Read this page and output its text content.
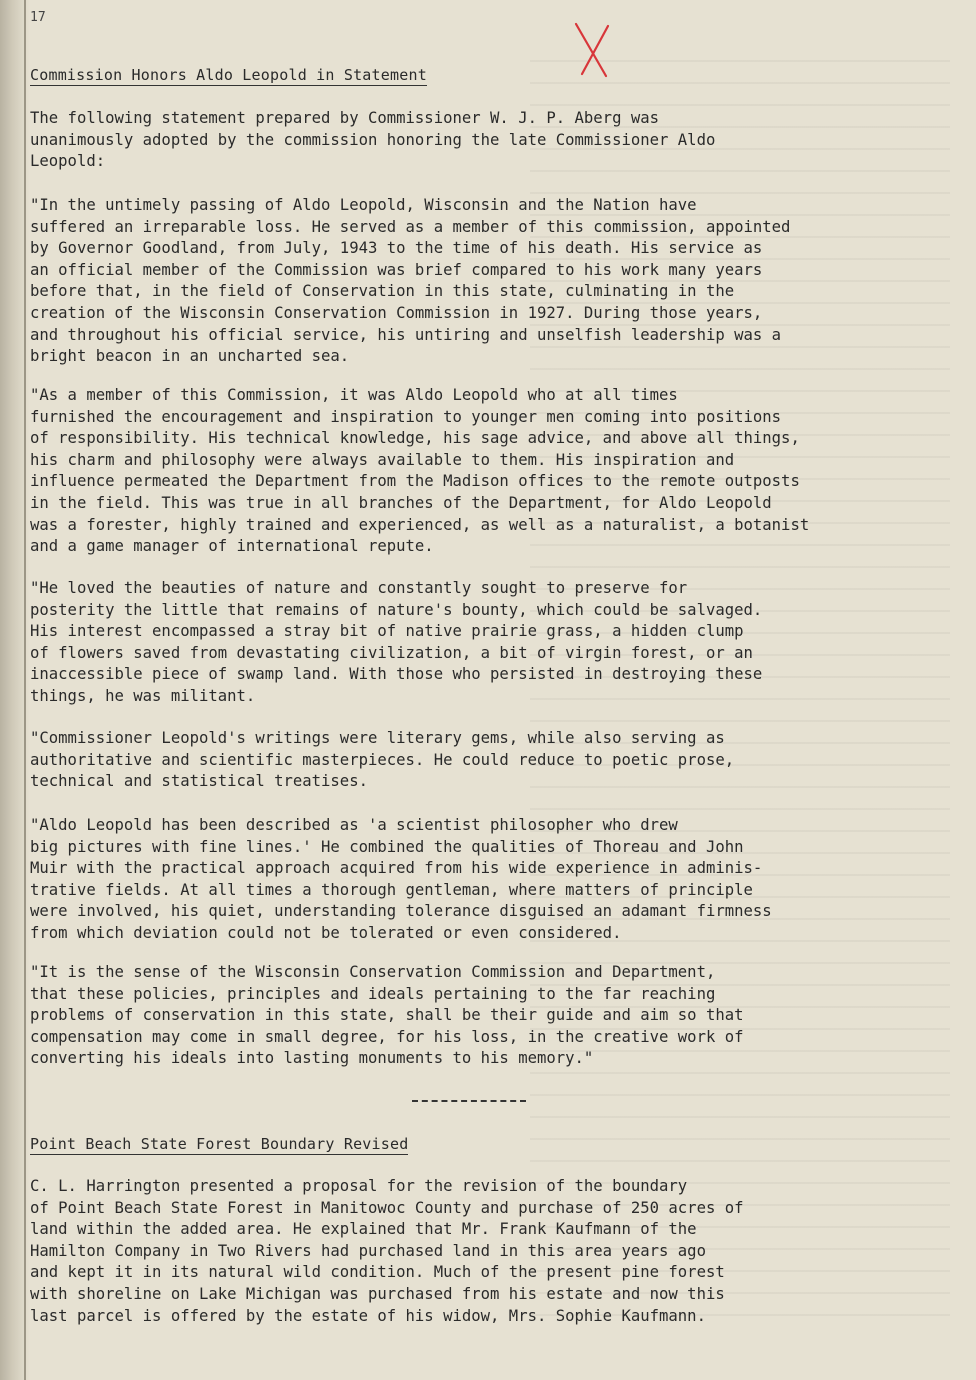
17
Commission Honors Aldo Leopold in Statement

The following statement prepared by Commissioner W. J. P. Aberg was
unanimously adopted by the commission honoring the late Commissioner Aldo
Leopold:

"In the untimely passing of Aldo Leopold, Wisconsin and the Nation have
suffered an irreparable loss. He served as a member of this commission, appointed
by Governor Goodland, from July, 1943 to the time of his death. His service as
an official member of the Commission was brief compared to his work many years
before that, in the field of Conservation in this state, culminating in the
creation of the Wisconsin Conservation Commission in 1927. During those years,
and throughout his official service, his untiring and unselfish leadership was a
bright beacon in an uncharted sea.

"As a member of this Commission, it was Aldo Leopold who at all times
furnished the encouragement and inspiration to younger men coming into positions
of responsibility. His technical knowledge, his sage advice, and above all things,
his charm and philosophy were always available to them. His inspiration and
influence permeated the Department from the Madison offices to the remote outposts
in the field. This was true in all branches of the Department, for Aldo Leopold
was a forester, highly trained and experienced, as well as a naturalist, a botanist
and a game manager of international repute.

"He loved the beauties of nature and constantly sought to preserve for
posterity the little that remains of nature's bounty, which could be salvaged.
His interest encompassed a stray bit of native prairie grass, a hidden clump
of flowers saved from devastating civilization, a bit of virgin forest, or an
inaccessible piece of swamp land. With those who persisted in destroying these
things, he was militant.

"Commissioner Leopold's writings were literary gems, while also serving as
authoritative and scientific masterpieces. He could reduce to poetic prose,
technical and statistical treatises.

"Aldo Leopold has been described as 'a scientist philosopher who drew
big pictures with fine lines.' He combined the qualities of Thoreau and John
Muir with the practical approach acquired from his wide experience in adminis-
trative fields. At all times a thorough gentleman, where matters of principle
were involved, his quiet, understanding tolerance disguised an adamant firmness
from which deviation could not be tolerated or even considered.

"It is the sense of the Wisconsin Conservation Commission and Department,
that these policies, principles and ideals pertaining to the far reaching
problems of conservation in this state, shall be their guide and aim so that
compensation may come in small degree, for his loss, in the creative work of
converting his ideals into lasting monuments to his memory."

Point Beach State Forest Boundary Revised

C. L. Harrington presented a proposal for the revision of the boundary
of Point Beach State Forest in Manitowoc County and purchase of 250 acres of
land within the added area. He explained that Mr. Frank Kaufmann of the
Hamilton Company in Two Rivers had purchased land in this area years ago
and kept it in its natural wild condition. Much of the present pine forest
with shoreline on Lake Michigan was purchased from his estate and now this
last parcel is offered by the estate of his widow, Mrs. Sophie Kaufmann.
